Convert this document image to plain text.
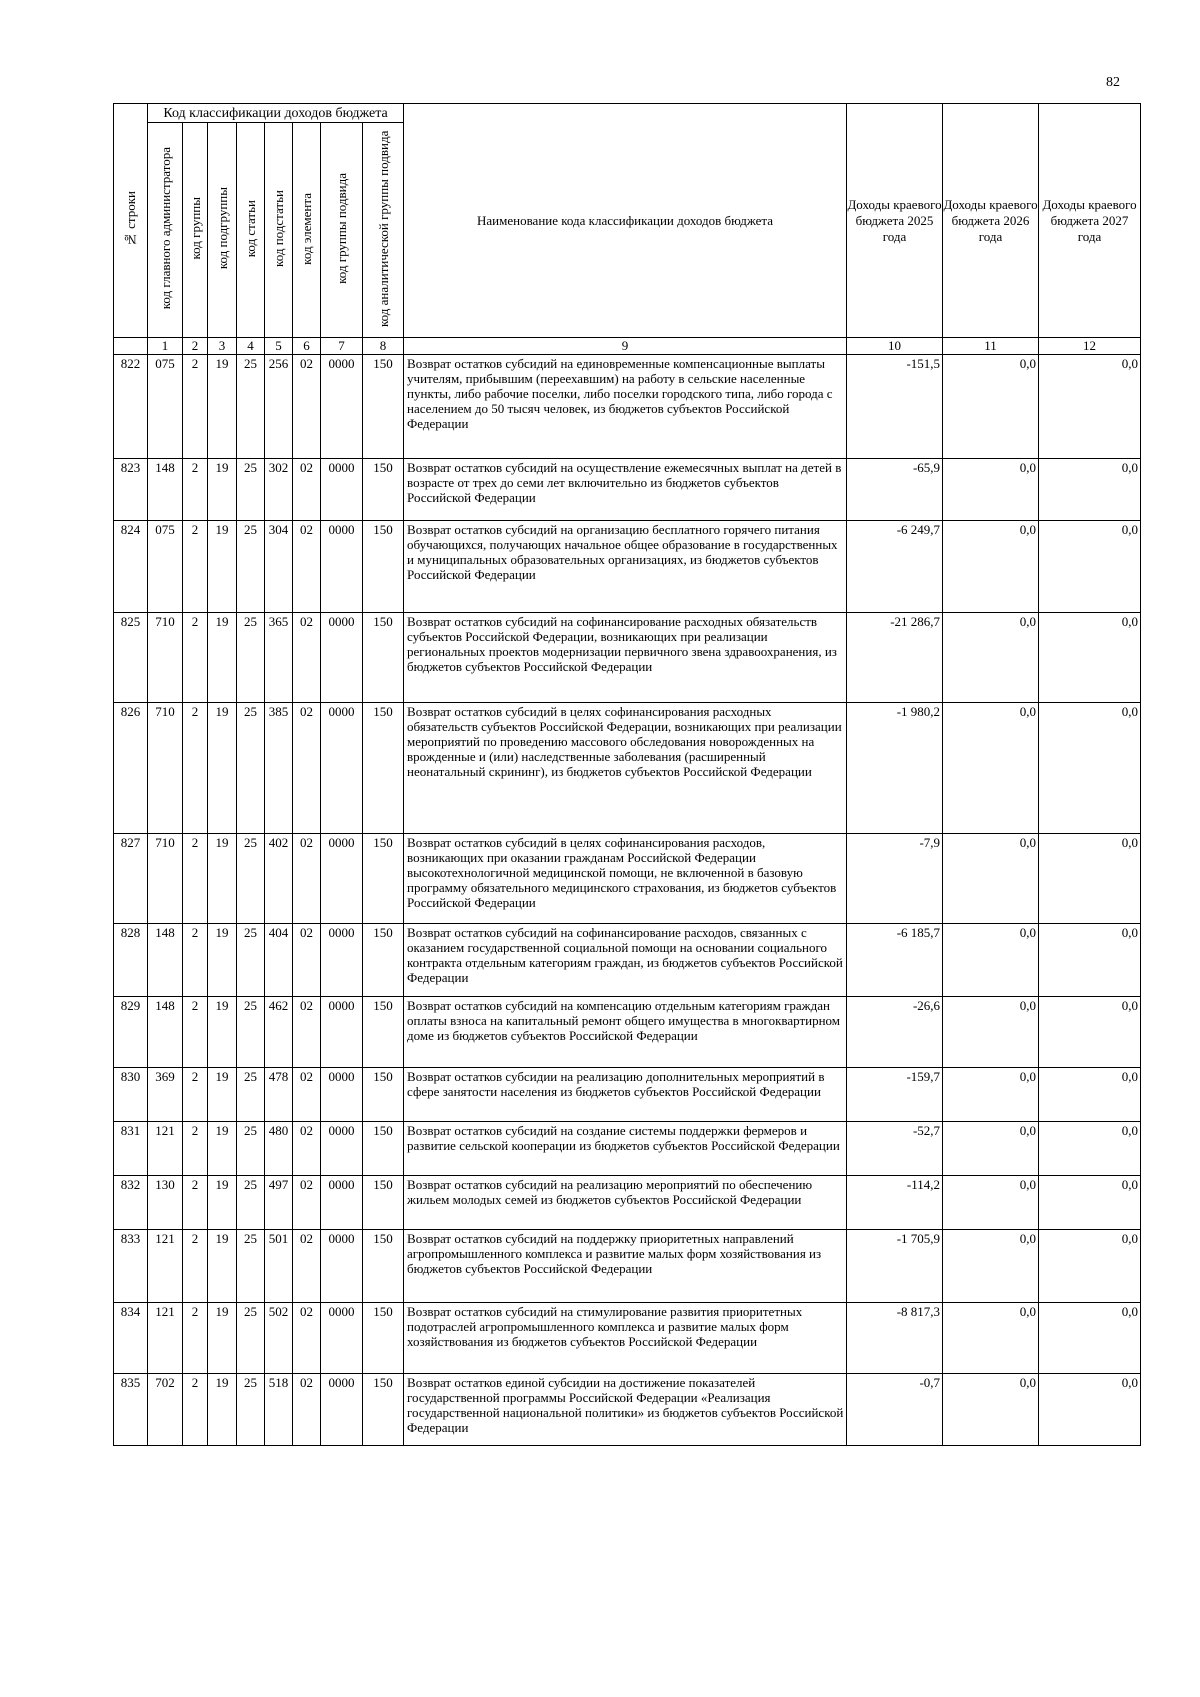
82
№ строки	Код классификации доходов бюджета								Наименование кода классификации доходов бюджета	Доходы краевого бюджета 2025 года	Доходы краевого бюджета 2026 года	Доходы краевого бюджета 2027 года
	код главного администратора	код группы	код подгруппы	код статьи	код подстатьи	код элемента	код группы подвида	код аналитической группы подвида				
	1	2	3	4	5	6	7	8	9	10	11	12
822	075	2	19	25	256	02	0000	150	Возврат остатков субсидий на единовременные компенсационные выплаты учителям, прибывшим (переехавшим) на работу в сельские населенные пункты, либо рабочие поселки, либо поселки городского типа, либо города с населением до 50 тысяч человек, из бюджетов субъектов Российской Федерации	-151,5	0,0	0,0
823	148	2	19	25	302	02	0000	150	Возврат остатков субсидий на осуществление ежемесячных выплат на детей в возрасте от трех до семи лет включительно из бюджетов субъектов Российской Федерации	-65,9	0,0	0,0
824	075	2	19	25	304	02	0000	150	Возврат остатков субсидий на организацию бесплатного горячего питания обучающихся, получающих начальное общее образование в государственных и муниципальных образовательных организациях, из бюджетов субъектов Российской Федерации	-6 249,7	0,0	0,0
825	710	2	19	25	365	02	0000	150	Возврат остатков субсидий на софинансирование расходных обязательств субъектов Российской Федерации, возникающих при реализации региональных проектов модернизации первичного звена здравоохранения, из бюджетов субъектов Российской Федерации	-21 286,7	0,0	0,0
826	710	2	19	25	385	02	0000	150	Возврат остатков субсидий в целях софинансирования расходных обязательств субъектов Российской Федерации, возникающих при реализации мероприятий по проведению массового обследования новорожденных на врожденные и (или) наследственные заболевания (расширенный неонатальный скрининг), из бюджетов субъектов Российской Федерации	-1 980,2	0,0	0,0
827	710	2	19	25	402	02	0000	150	Возврат остатков субсидий в целях софинансирования расходов, возникающих при оказании гражданам Российской Федерации высокотехнологичной медицинской помощи, не включенной в базовую программу обязательного медицинского страхования, из бюджетов субъектов Российской Федерации	-7,9	0,0	0,0
828	148	2	19	25	404	02	0000	150	Возврат остатков субсидий на софинансирование расходов, связанных с оказанием государственной социальной помощи на основании социального контракта отдельным категориям граждан, из бюджетов субъектов Российской Федерации	-6 185,7	0,0	0,0
829	148	2	19	25	462	02	0000	150	Возврат остатков субсидий на компенсацию отдельным категориям граждан оплаты взноса на капитальный ремонт общего имущества в многоквартирном доме из бюджетов субъектов Российской Федерации	-26,6	0,0	0,0
830	369	2	19	25	478	02	0000	150	Возврат остатков субсидии на реализацию дополнительных мероприятий в сфере занятости населения из бюджетов субъектов Российской Федерации	-159,7	0,0	0,0
831	121	2	19	25	480	02	0000	150	Возврат остатков субсидий на создание системы поддержки фермеров и развитие сельской кооперации из бюджетов субъектов Российской Федерации	-52,7	0,0	0,0
832	130	2	19	25	497	02	0000	150	Возврат остатков субсидий на реализацию мероприятий по обеспечению жильем молодых семей из бюджетов субъектов Российской Федерации	-114,2	0,0	0,0
833	121	2	19	25	501	02	0000	150	Возврат остатков субсидий на поддержку приоритетных направлений агропромышленного комплекса и развитие малых форм хозяйствования из бюджетов субъектов Российской Федерации	-1 705,9	0,0	0,0
834	121	2	19	25	502	02	0000	150	Возврат остатков субсидий на стимулирование развития приоритетных подотраслей агропромышленного комплекса и развитие малых форм хозяйствования из бюджетов субъектов Российской Федерации	-8 817,3	0,0	0,0
835	702	2	19	25	518	02	0000	150	Возврат остатков единой субсидии на достижение показателей государственной программы Российской Федерации «Реализация государственной национальной политики» из бюджетов субъектов Российской Федерации	-0,7	0,0	0,0
